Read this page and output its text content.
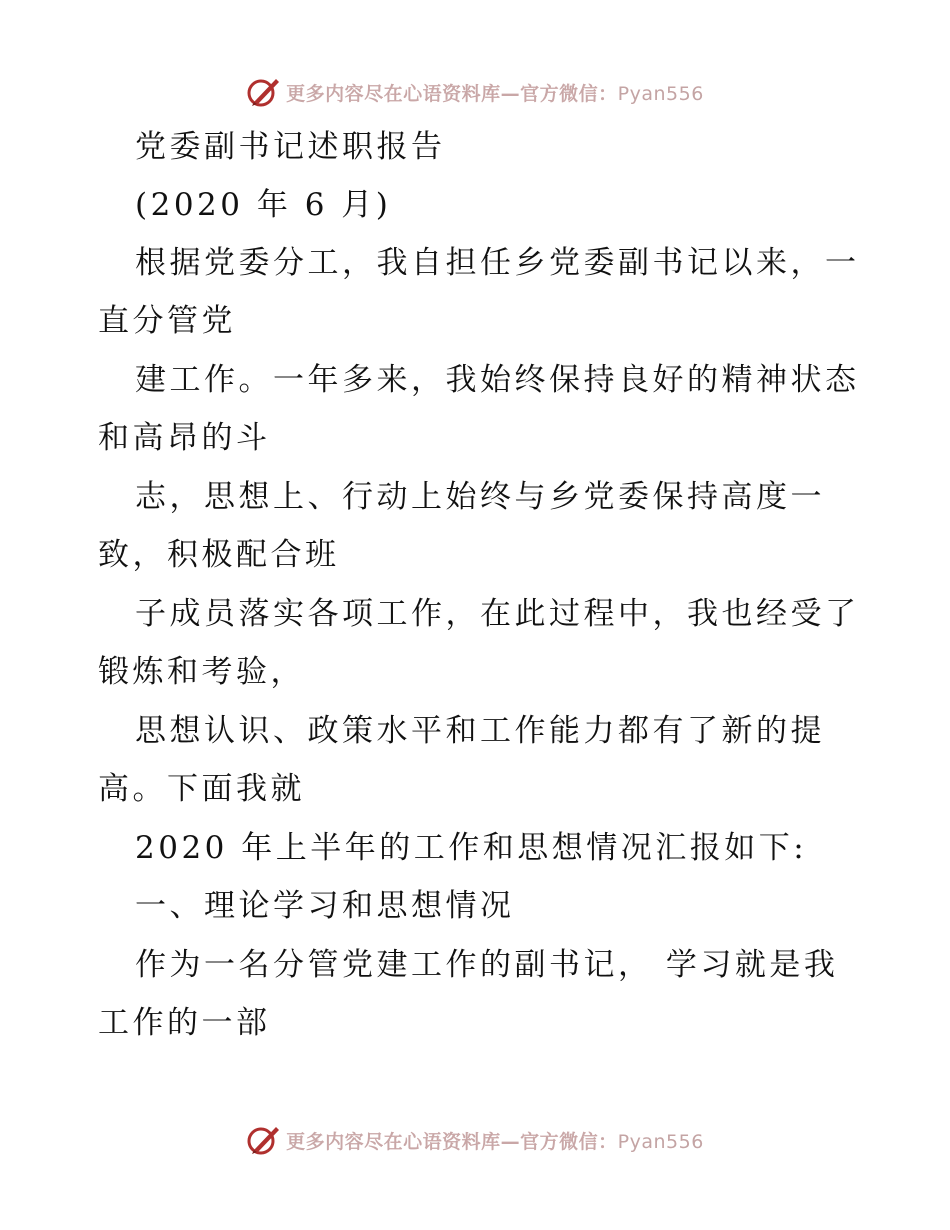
更多内容尽在心语资料库—官方微信：Pyan556
党委副书记述职报告
(2020 年 6 月)
根据党委分工，我自担任乡党委副书记以来，一
直分管党
建工作。一年多来，我始终保持良好的精神状态
和高昂的斗
志，思想上、行动上始终与乡党委保持高度一
致，积极配合班
子成员落实各项工作，在此过程中，我也经受了
锻炼和考验，
思想认识、政策水平和工作能力都有了新的提
高。下面我就
2020 年上半年的工作和思想情况汇报如下:
一、理论学习和思想情况
作为一名分管党建工作的副书记， 学习就是我
工作的一部
更多内容尽在心语资料库—官方微信：Pyan556
